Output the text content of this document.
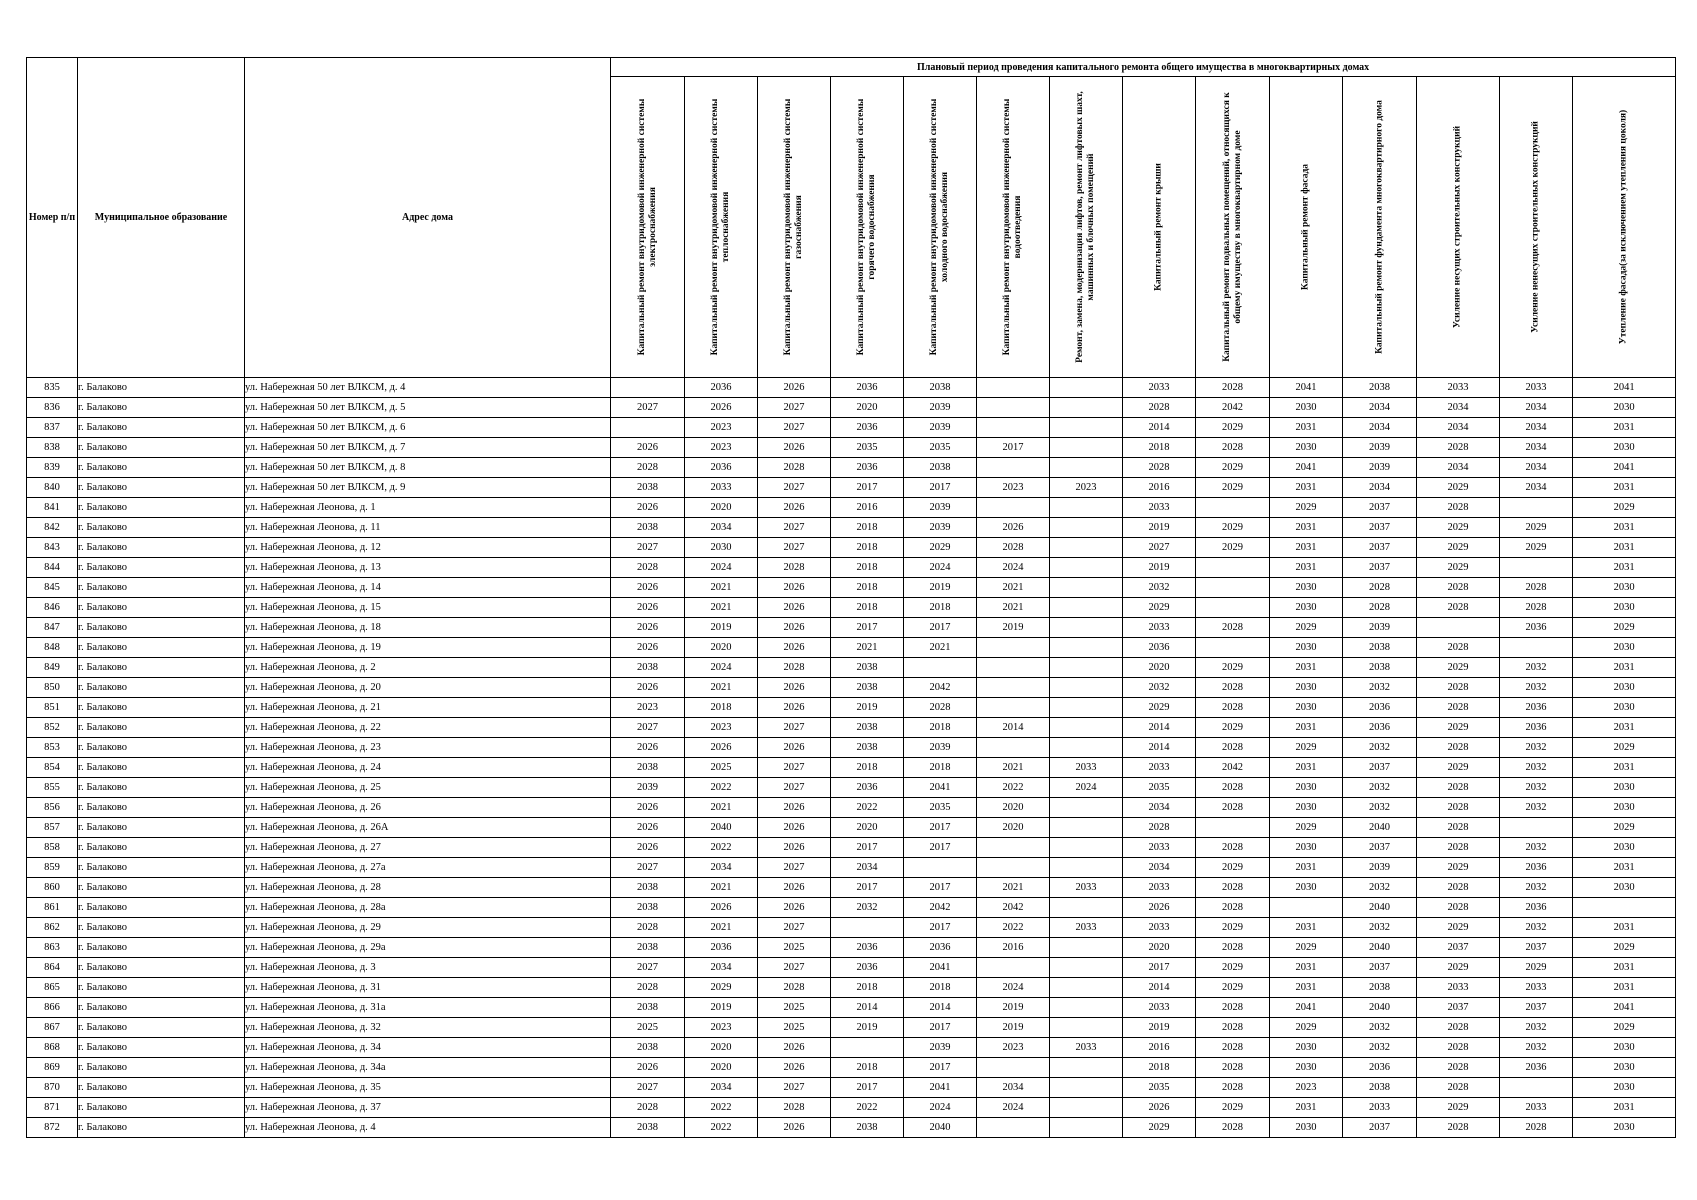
Номер п/п	Муниципальное образование	Адрес дома	Плановый период проведения капитального ремонта общего имущества в многоквартирных домах													

			Капитальный ремонт внутридомовой инженерной системы электроснабжения	Капитальный ремонт внутридомовой инженерной системы теплоснабжения	Капитальный ремонт внутридомовой инженерной системы газоснабжения	Капитальный ремонт внутридомовой инженерной системы горячего водоснабжения	Капитальный ремонт внутридомовой инженерной системы холодного водоснабжения	Капитальный ремонт внутридомовой инженерной системы водоотведения	Ремонт, замена, модернизация лифтов, ремонт лифтовых шахт, машинных и блочных помещений	Капитальный ремонт крыши	Капитальный ремонт подвальных помещений, относящихся к общему имуществу в многоквартирном доме	Капитальный ремонт фасада	Капитальный ремонт фундамента многоквартирного дома	Усиление несущих строительных конструкций	Усиление ненесущих строительных конструкций	Утепление фасада(за исключением утепления цоколя)

835	г. Балаково	ул. Набережная 50 лет ВЛКСМ, д. 4		2036	2026	2036	2038			2033	2028	2041	2038	2033	2033	2041
836	г. Балаково	ул. Набережная 50 лет ВЛКСМ, д. 5	2027	2026	2027	2020	2039			2028	2042	2030	2034	2034	2034	2030
837	г. Балаково	ул. Набережная 50 лет ВЛКСМ, д. 6		2023	2027	2036	2039			2014	2029	2031	2034	2034	2034	2031
838	г. Балаково	ул. Набережная 50 лет ВЛКСМ, д. 7	2026	2023	2026	2035	2035	2017		2018	2028	2030	2039	2028	2034	2030
839	г. Балаково	ул. Набережная 50 лет ВЛКСМ, д. 8	2028	2036	2028	2036	2038			2028	2029	2041	2039	2034	2034	2041
840	г. Балаково	ул. Набережная 50 лет ВЛКСМ, д. 9	2038	2033	2027	2017	2017	2023	2023	2016	2029	2031	2034	2029	2034	2031
841	г. Балаково	ул. Набережная Леонова, д. 1	2026	2020	2026	2016	2039			2033		2029	2037	2028		2029
842	г. Балаково	ул. Набережная Леонова, д. 11	2038	2034	2027	2018	2039	2026		2019	2029	2031	2037	2029	2029	2031
843	г. Балаково	ул. Набережная Леонова, д. 12	2027	2030	2027	2018	2029	2028		2027	2029	2031	2037	2029	2029	2031
844	г. Балаково	ул. Набережная Леонова, д. 13	2028	2024	2028	2018	2024	2024		2019		2031	2037	2029		2031
845	г. Балаково	ул. Набережная Леонова, д. 14	2026	2021	2026	2018	2019	2021		2032		2030	2028	2028	2028	2030
846	г. Балаково	ул. Набережная Леонова, д. 15	2026	2021	2026	2018	2018	2021		2029		2030	2028	2028	2028	2030
847	г. Балаково	ул. Набережная Леонова, д. 18	2026	2019	2026	2017	2017	2019		2033	2028	2029	2039		2036	2029
848	г. Балаково	ул. Набережная Леонова, д. 19	2026	2020	2026	2021	2021			2036		2030	2038	2028		2030
849	г. Балаково	ул. Набережная Леонова, д. 2	2038	2024	2028	2038				2020	2029	2031	2038	2029	2032	2031
850	г. Балаково	ул. Набережная Леонова, д. 20	2026	2021	2026	2038	2042			2032	2028	2030	2032	2028	2032	2030
851	г. Балаково	ул. Набережная Леонова, д. 21	2023	2018	2026	2019	2028			2029	2028	2030	2036	2028	2036	2030
852	г. Балаково	ул. Набережная Леонова, д. 22	2027	2023	2027	2038	2018	2014		2014	2029	2031	2036	2029	2036	2031
853	г. Балаково	ул. Набережная Леонова, д. 23	2026	2026	2026	2038	2039			2014	2028	2029	2032	2028	2032	2029
854	г. Балаково	ул. Набережная Леонова, д. 24	2038	2025	2027	2018	2018	2021	2033	2033	2042	2031	2037	2029	2032	2031
855	г. Балаково	ул. Набережная Леонова, д. 25	2039	2022	2027	2036	2041	2022	2024	2035	2028	2030	2032	2028	2032	2030
856	г. Балаково	ул. Набережная Леонова, д. 26	2026	2021	2026	2022	2035	2020		2034	2028	2030	2032	2028	2032	2030
857	г. Балаково	ул. Набережная Леонова, д. 26А	2026	2040	2026	2020	2017	2020		2028		2029	2040	2028		2029
858	г. Балаково	ул. Набережная Леонова, д. 27	2026	2022	2026	2017	2017			2033	2028	2030	2037	2028	2032	2030
859	г. Балаково	ул. Набережная Леонова, д. 27а	2027	2034	2027	2034				2034	2029	2031	2039	2029	2036	2031
860	г. Балаково	ул. Набережная Леонова, д. 28	2038	2021	2026	2017	2017	2021	2033	2033	2028	2030	2032	2028	2032	2030
861	г. Балаково	ул. Набережная Леонова, д. 28а	2038	2026	2026	2032	2042	2042		2026	2028		2040	2028	2036	
862	г. Балаково	ул. Набережная Леонова, д. 29	2028	2021	2027		2017	2022	2033	2033	2029	2031	2032	2029	2032	2031
863	г. Балаково	ул. Набережная Леонова, д. 29а	2038	2036	2025	2036	2036	2016		2020	2028	2029	2040	2037	2037	2029
864	г. Балаково	ул. Набережная Леонова, д. 3	2027	2034	2027	2036	2041			2017	2029	2031	2037	2029	2029	2031
865	г. Балаково	ул. Набережная Леонова, д. 31	2028	2029	2028	2018	2018	2024		2014	2029	2031	2038	2033	2033	2031
866	г. Балаково	ул. Набережная Леонова, д. 31а	2038	2019	2025	2014	2014	2019		2033	2028	2041	2040	2037	2037	2041
867	г. Балаково	ул. Набережная Леонова, д. 32	2025	2023	2025	2019	2017	2019		2019	2028	2029	2032	2028	2032	2029
868	г. Балаково	ул. Набережная Леонова, д. 34	2038	2020	2026		2039	2023	2033	2016	2028	2030	2032	2028	2032	2030
869	г. Балаково	ул. Набережная Леонова, д. 34а	2026	2020	2026	2018	2017			2018	2028	2030	2036	2028	2036	2030
870	г. Балаково	ул. Набережная Леонова, д. 35	2027	2034	2027	2017	2041	2034		2035	2028	2023	2038	2028		2030
871	г. Балаково	ул. Набережная Леонова, д. 37	2028	2022	2028	2022	2024	2024		2026	2029	2031	2033	2029	2033	2031
872	г. Балаково	ул. Набережная Леонова, д. 4	2038	2022	2026	2038	2040			2029	2028	2030	2037	2028	2028	2030
